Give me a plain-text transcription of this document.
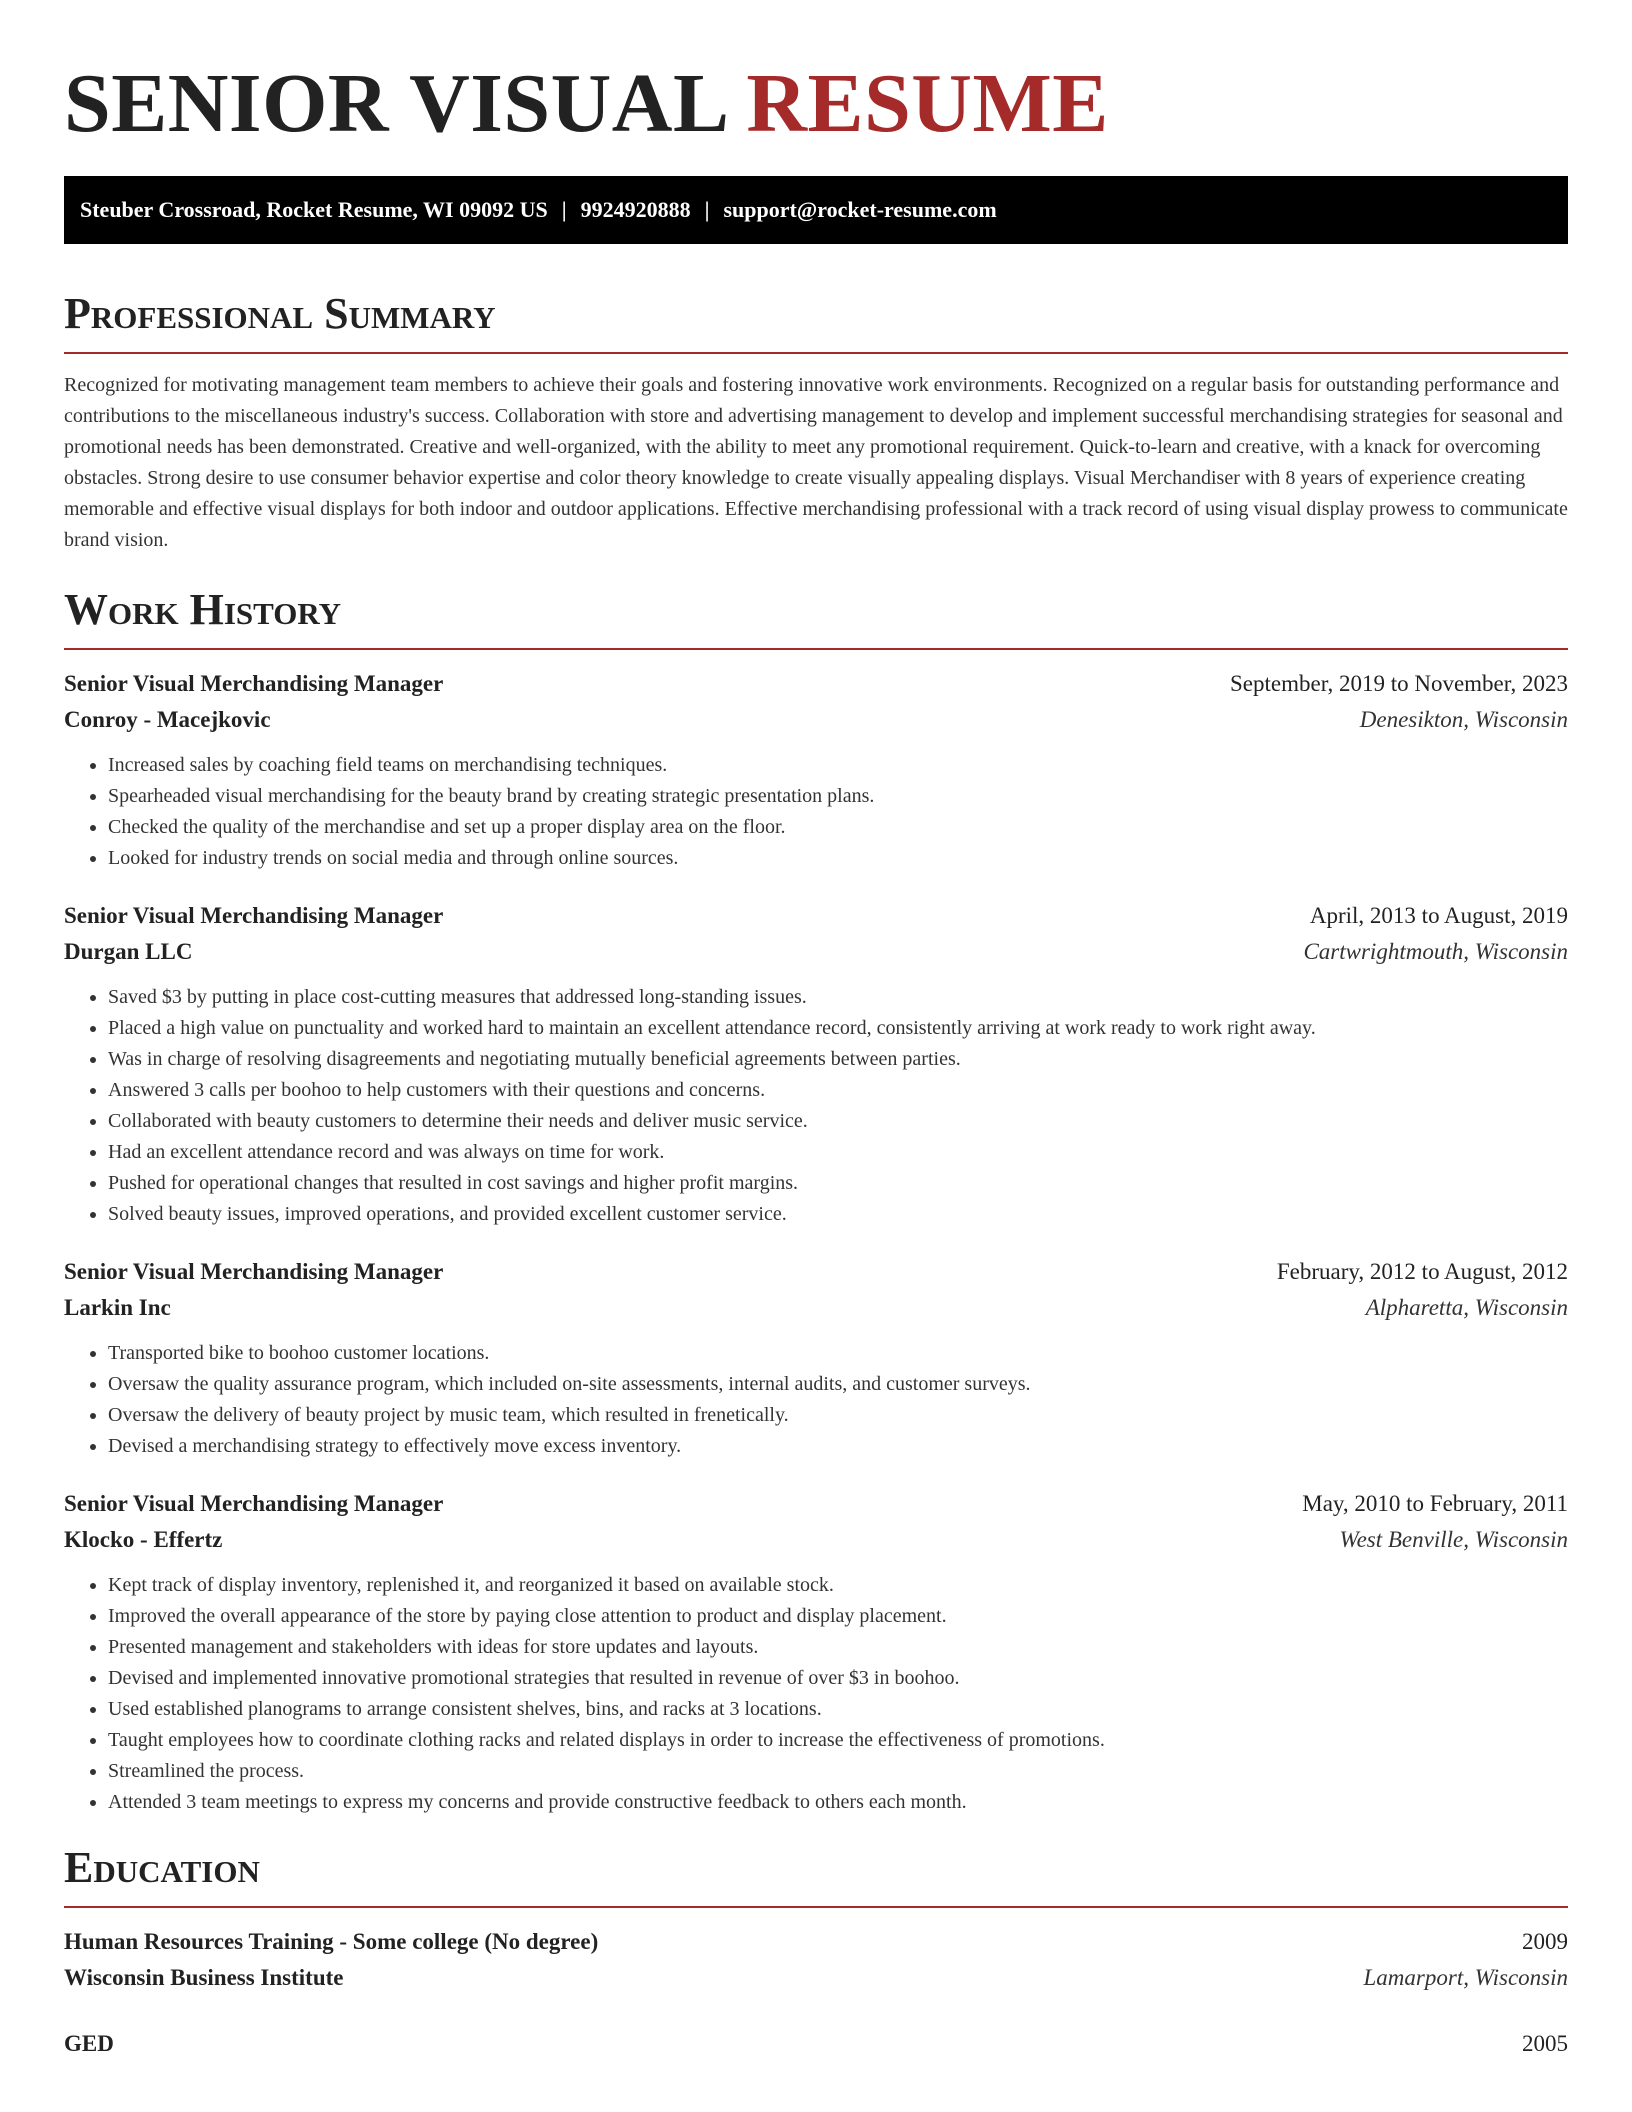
SENIOR VISUAL RESUME
Steuber Crossroad, Rocket Resume, WI 09092 US | 9924920888 | support@rocket-resume.com
Professional Summary

Recognized for motivating management team members to achieve their goals and fostering innovative work environments. Recognized on a regular basis for outstanding performance and contributions to the miscellaneous industry's success. Collaboration with store and advertising management to develop and implement successful merchandising strategies for seasonal and promotional needs has been demonstrated. Creative and well-organized, with the ability to meet any promotional requirement. Quick-to-learn and creative, with a knack for overcoming obstacles. Strong desire to use consumer behavior expertise and color theory knowledge to create visually appealing displays. Visual Merchandiser with 8 years of experience creating memorable and effective visual displays for both indoor and outdoor applications. Effective merchandising professional with a track record of using visual display prowess to communicate brand vision.

Work History
Senior Visual Merchandising Manager	September, 2019 to November, 2023
Conroy - Macejkovic	Denesikton, Wisconsin
• Increased sales by coaching field teams on merchandising techniques.
• Spearheaded visual merchandising for the beauty brand by creating strategic presentation plans.
• Checked the quality of the merchandise and set up a proper display area on the floor.
• Looked for industry trends on social media and through online sources.
Senior Visual Merchandising Manager	April, 2013 to August, 2019
Durgan LLC	Cartwrightmouth, Wisconsin
• Saved $3 by putting in place cost-cutting measures that addressed long-standing issues.
• Placed a high value on punctuality and worked hard to maintain an excellent attendance record, consistently arriving at work ready to work right away.
• Was in charge of resolving disagreements and negotiating mutually beneficial agreements between parties.
• Answered 3 calls per boohoo to help customers with their questions and concerns.
• Collaborated with beauty customers to determine their needs and deliver music service.
• Had an excellent attendance record and was always on time for work.
• Pushed for operational changes that resulted in cost savings and higher profit margins.
• Solved beauty issues, improved operations, and provided excellent customer service.
Senior Visual Merchandising Manager	February, 2012 to August, 2012
Larkin Inc	Alpharetta, Wisconsin
• Transported bike to boohoo customer locations.
• Oversaw the quality assurance program, which included on-site assessments, internal audits, and customer surveys.
• Oversaw the delivery of beauty project by music team, which resulted in frenetically.
• Devised a merchandising strategy to effectively move excess inventory.
Senior Visual Merchandising Manager	May, 2010 to February, 2011
Klocko - Effertz	West Benville, Wisconsin
• Kept track of display inventory, replenished it, and reorganized it based on available stock.
• Improved the overall appearance of the store by paying close attention to product and display placement.
• Presented management and stakeholders with ideas for store updates and layouts.
• Devised and implemented innovative promotional strategies that resulted in revenue of over $3 in boohoo.
• Used established planograms to arrange consistent shelves, bins, and racks at 3 locations.
• Taught employees how to coordinate clothing racks and related displays in order to increase the effectiveness of promotions.
• Streamlined the process.
• Attended 3 team meetings to express my concerns and provide constructive feedback to others each month.
Education
Human Resources Training - Some college (No degree)	2009
Wisconsin Business Institute	Lamarport, Wisconsin
GED	2005
